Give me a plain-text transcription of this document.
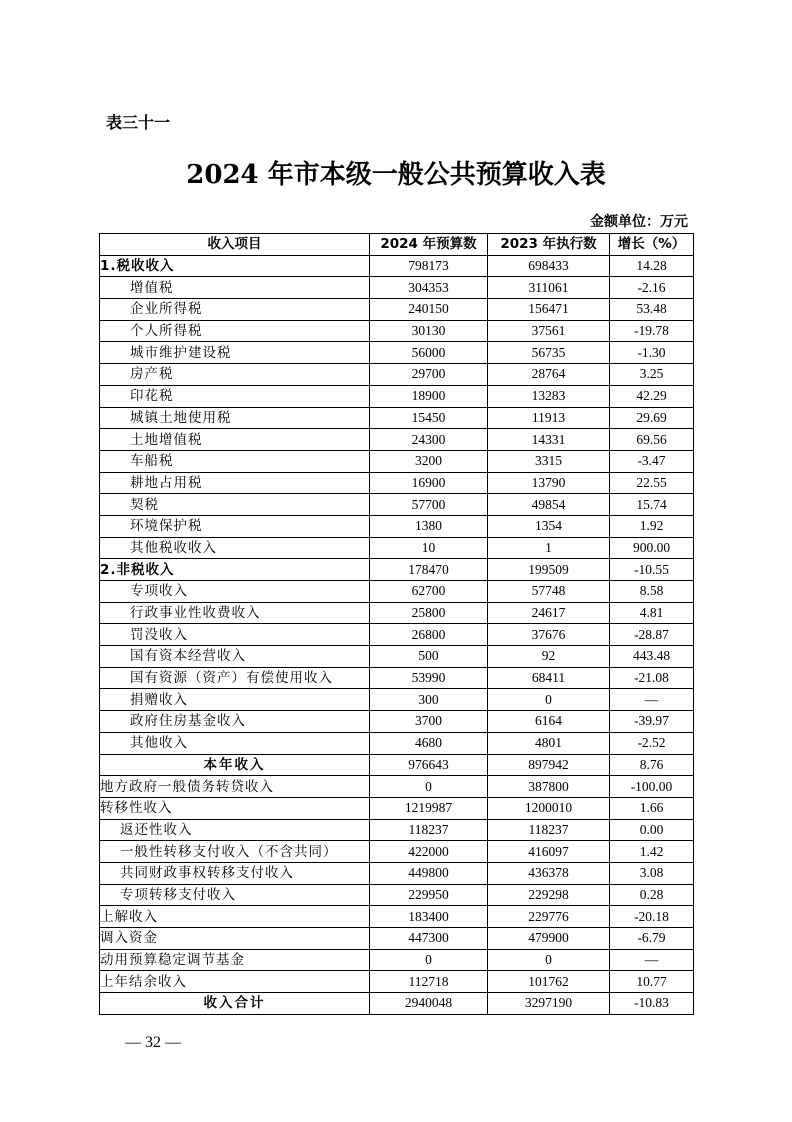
表三十一
2024 年市本级一般公共预算收入表
金额单位：万元
收入项目	2024 年预算数	2023 年执行数	增长（%）
1.税收收入	798173	698433	14.28
增值税	304353	311061	-2.16
企业所得税	240150	156471	53.48
个人所得税	30130	37561	-19.78
城市维护建设税	56000	56735	-1.30
房产税	29700	28764	3.25
印花税	18900	13283	42.29
城镇土地使用税	15450	11913	29.69
土地增值税	24300	14331	69.56
车船税	3200	3315	-3.47
耕地占用税	16900	13790	22.55
契税	57700	49854	15.74
环境保护税	1380	1354	1.92
其他税收收入	10	1	900.00
2.非税收入	178470	199509	-10.55
专项收入	62700	57748	8.58
行政事业性收费收入	25800	24617	4.81
罚没收入	26800	37676	-28.87
国有资本经营收入	500	92	443.48
国有资源（资产）有偿使用收入	53990	68411	-21.08
捐赠收入	300	0	—
政府住房基金收入	3700	6164	-39.97
其他收入	4680	4801	-2.52
本年收入	976643	897942	8.76
地方政府一般债务转贷收入	0	387800	-100.00
转移性收入	1219987	1200010	1.66
返还性收入	118237	118237	0.00
一般性转移支付收入（不含共同）	422000	416097	1.42
共同财政事权转移支付收入	449800	436378	3.08
专项转移支付收入	229950	229298	0.28
上解收入	183400	229776	-20.18
调入资金	447300	479900	-6.79
动用预算稳定调节基金	0	0	—
上年结余收入	112718	101762	10.77
收入合计	2940048	3297190	-10.83
— 32 —
